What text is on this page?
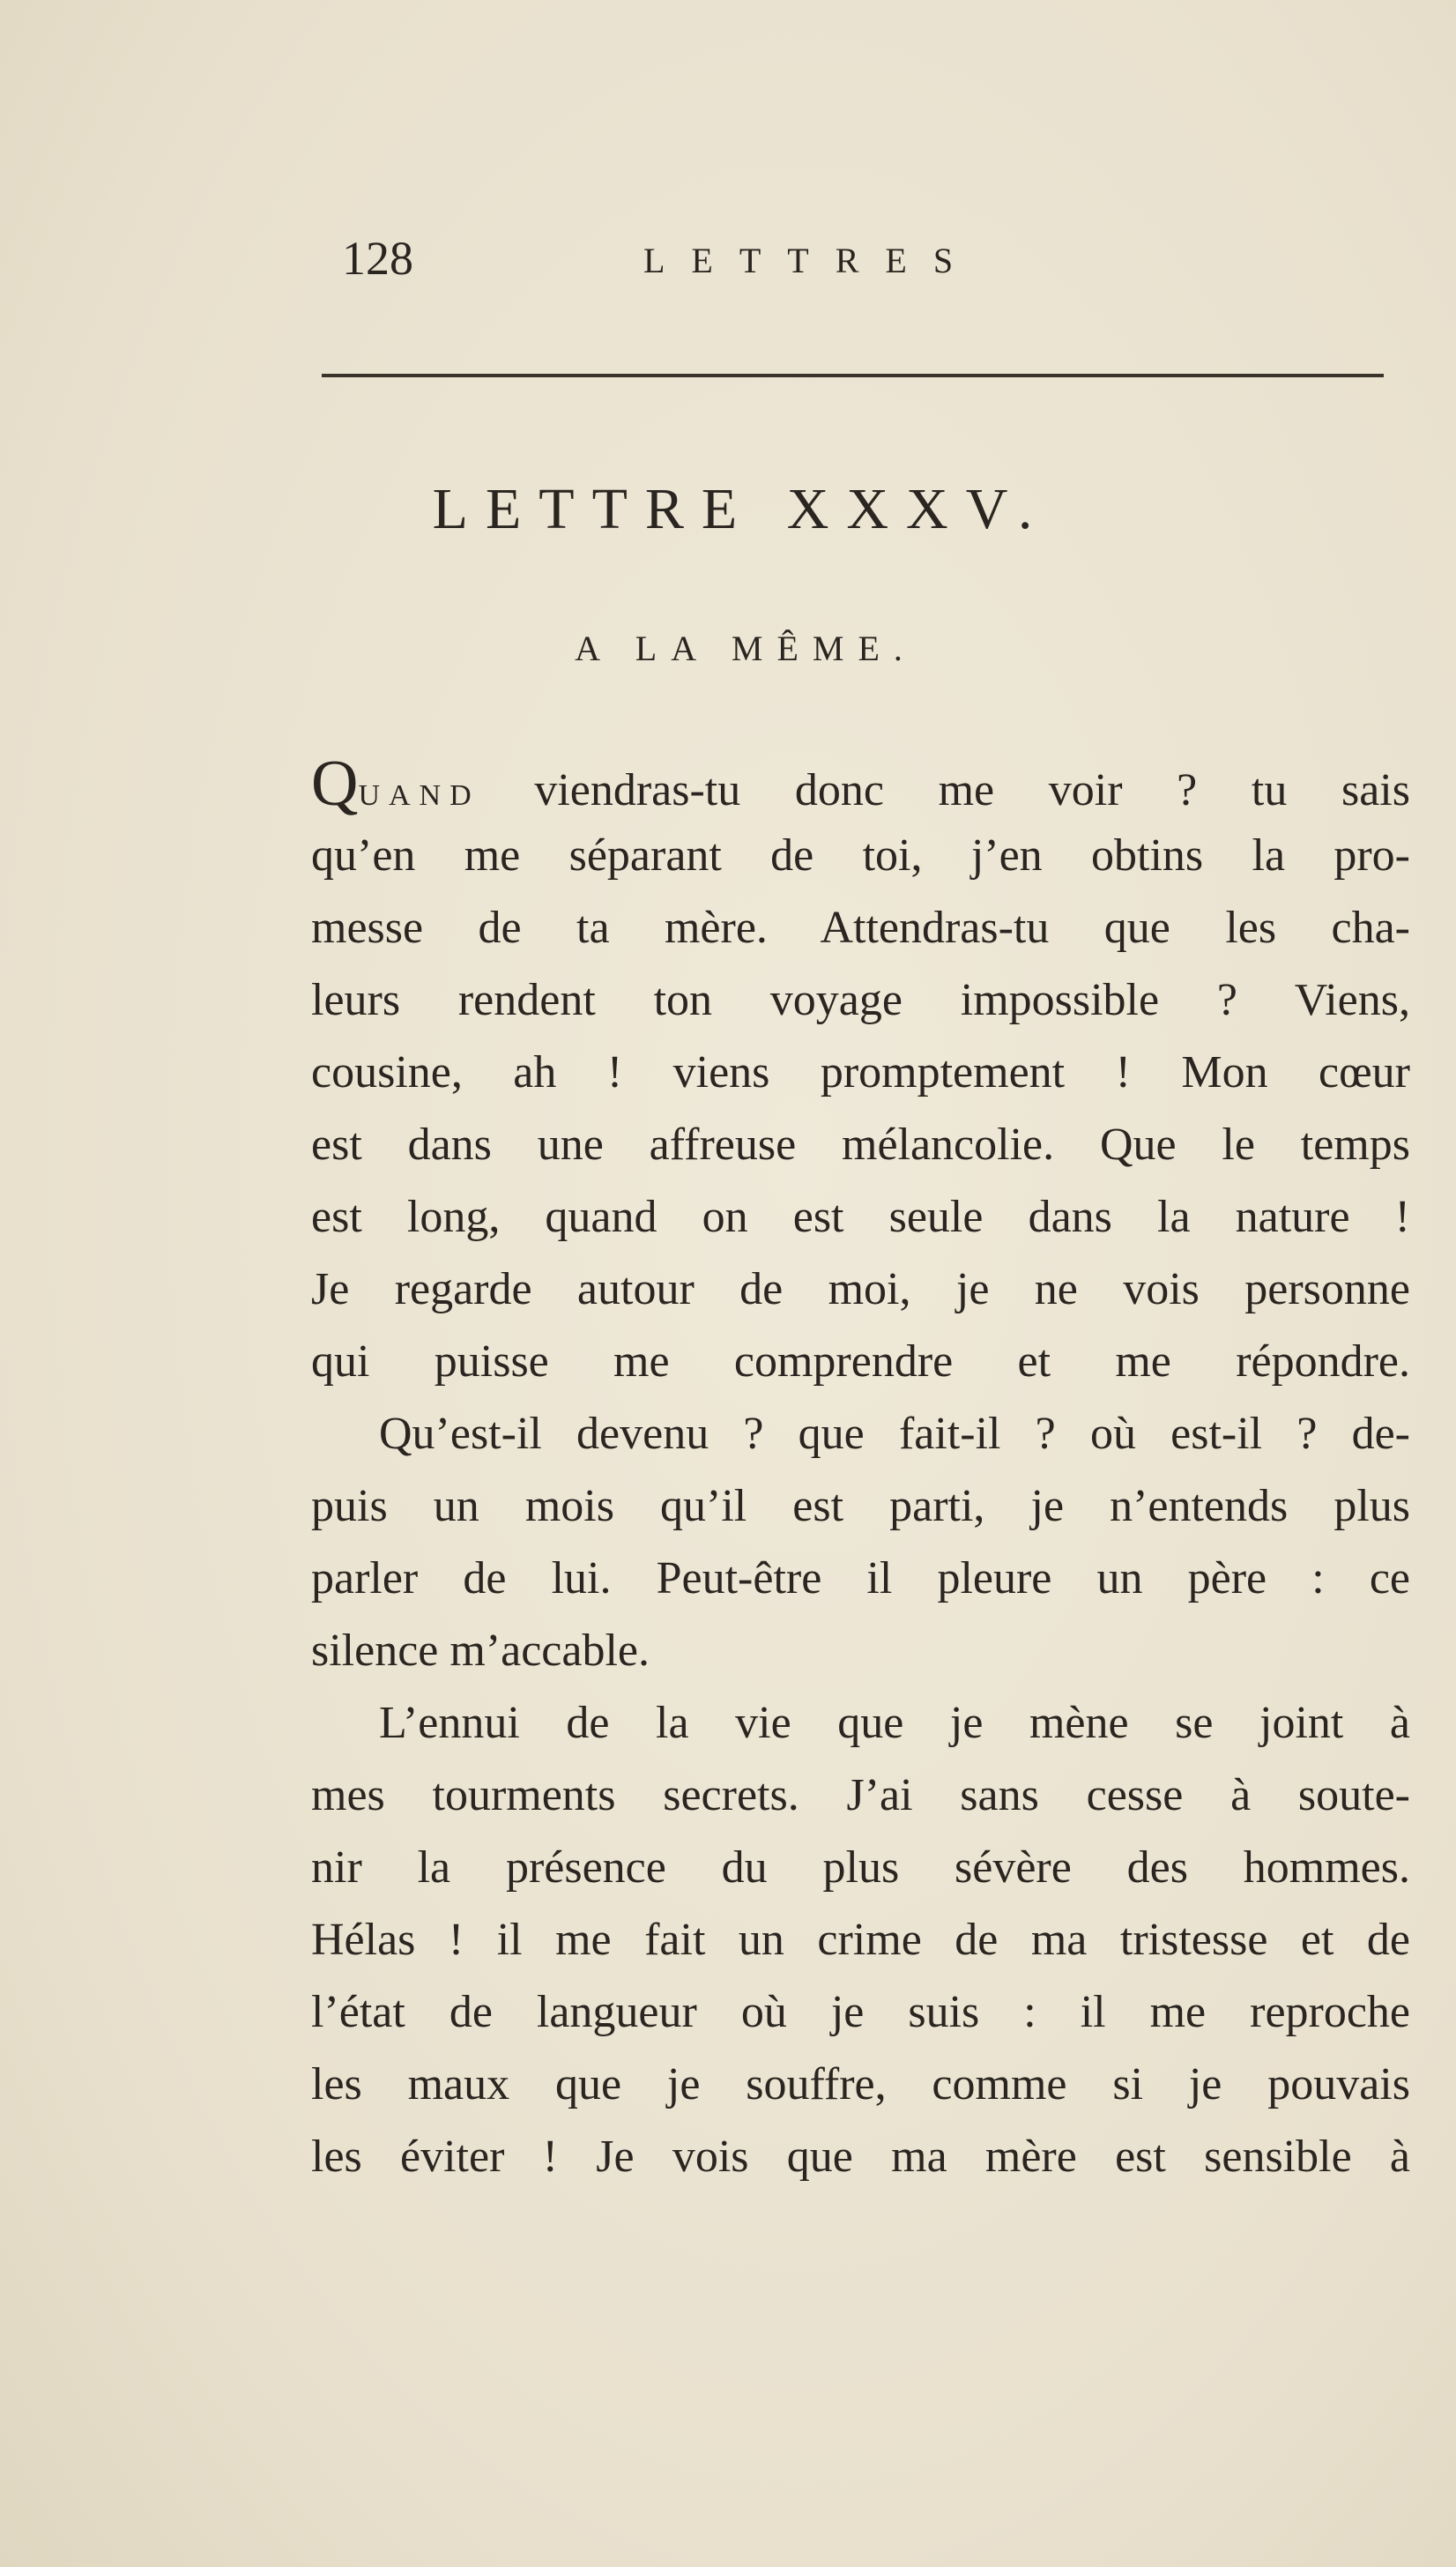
128	LETTRES
LETTRE XXXV.
A LA MÊME.
QUAND viendras-tu donc me voir ? tu sais
qu’en me séparant de toi, j’en obtins la pro-
messe de ta mère. Attendras-tu que les cha-
leurs rendent ton voyage impossible ? Viens,
cousine, ah ! viens promptement ! Mon cœur
est dans une affreuse mélancolie. Que le temps
est long, quand on est seule dans la nature !
Je regarde autour de moi, je ne vois personne
qui puisse me comprendre et me répondre.
Qu’est-il devenu ? que fait-il ? où est-il ? de-
puis un mois qu’il est parti, je n’entends plus
parler de lui. Peut-être il pleure un père : ce
silence m’accable.
L’ennui de la vie que je mène se joint à
mes tourments secrets. J’ai sans cesse à soute-
nir la présence du plus sévère des hommes.
Hélas ! il me fait un crime de ma tristesse et de
l’état de langueur où je suis : il me reproche
les maux que je souffre, comme si je pouvais
les éviter ! Je vois que ma mère est sensible à
